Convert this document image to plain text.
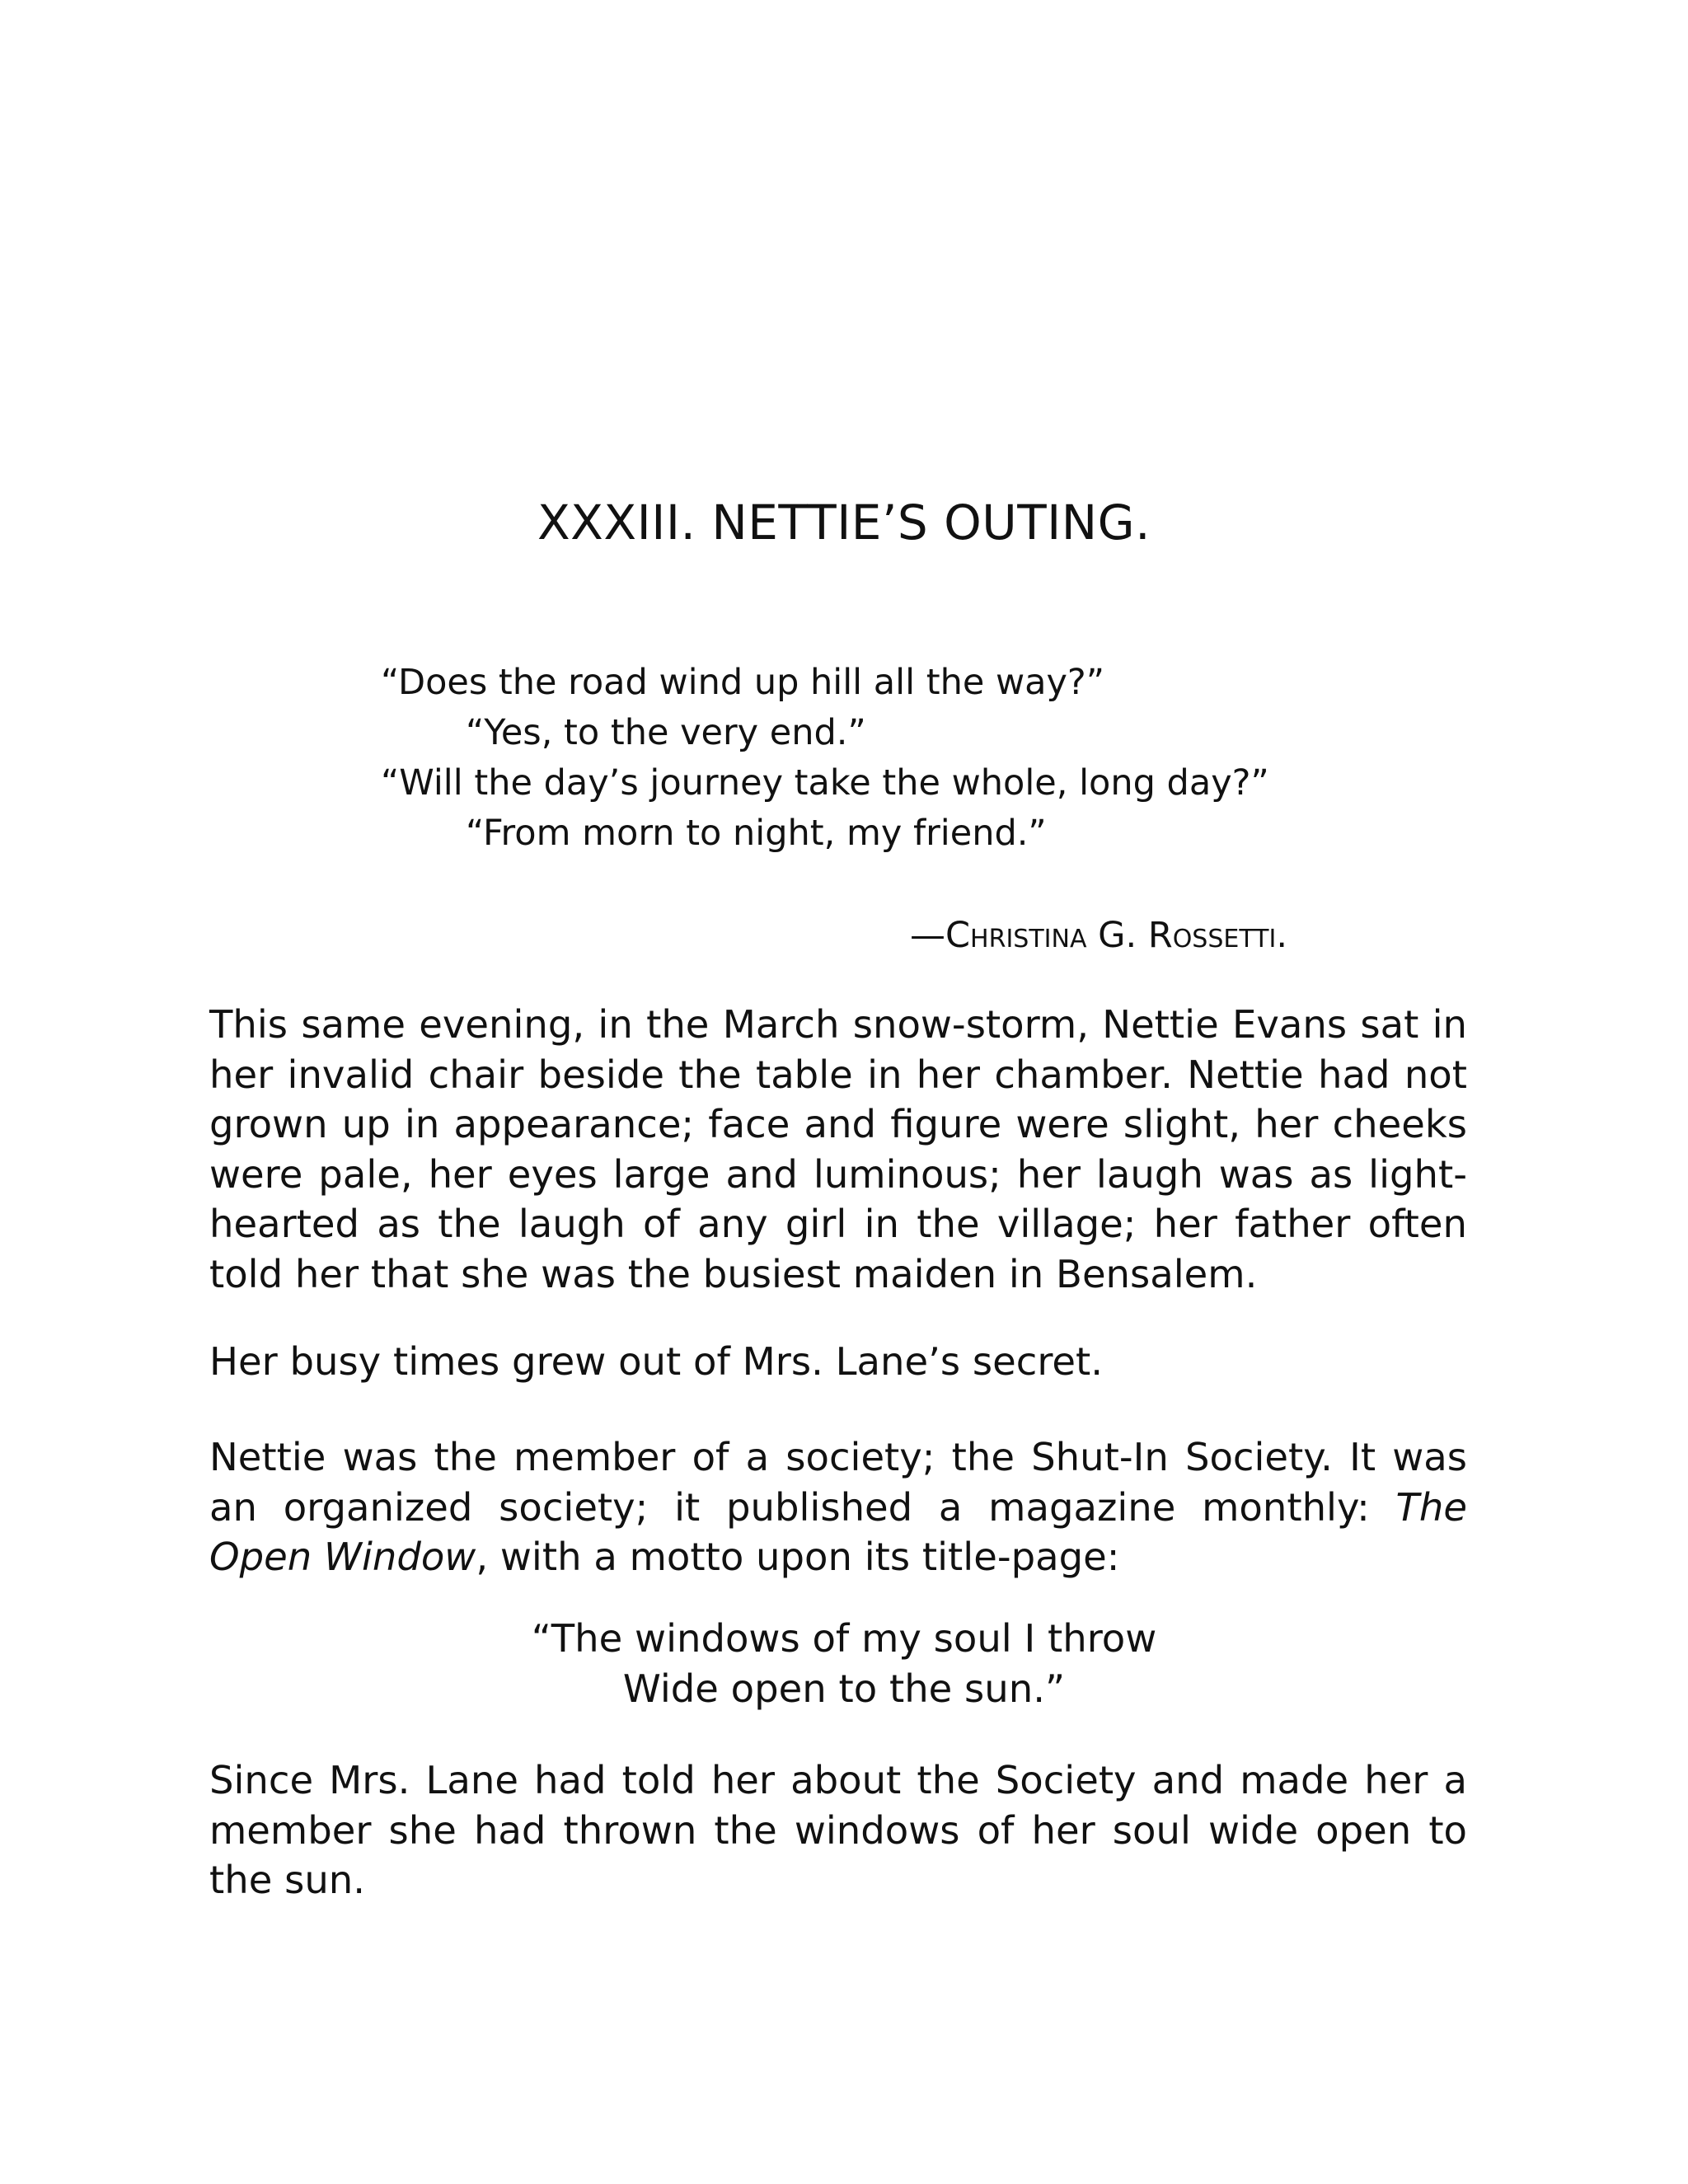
XXXIII. NETTIE’S OUTING.
“Does the road wind up hill all the way?”
“Yes, to the very end.”
“Will the day’s journey take the whole, long day?”
“From morn to night, my friend.”
—Christina G. Rossetti.

This same evening, in the March snow-storm, Nettie Evans sat in her invalid chair beside the table in her chamber. Nettie had not grown up in appearance; face and figure were slight, her cheeks were pale, her eyes large and luminous; her laugh was as light-hearted as the laugh of any girl in the village; her father often told her that she was the busiest maiden in Bensalem.

Her busy times grew out of Mrs. Lane’s secret.

Nettie was the member of a society; the Shut-In Society. It was an organized society; it published a magazine monthly: The Open Window, with a motto upon its title-page:

“The windows of my soul I throw
Wide open to the sun.”

Since Mrs. Lane had told her about the Society and made her a member she had thrown the windows of her soul wide open to the sun.
